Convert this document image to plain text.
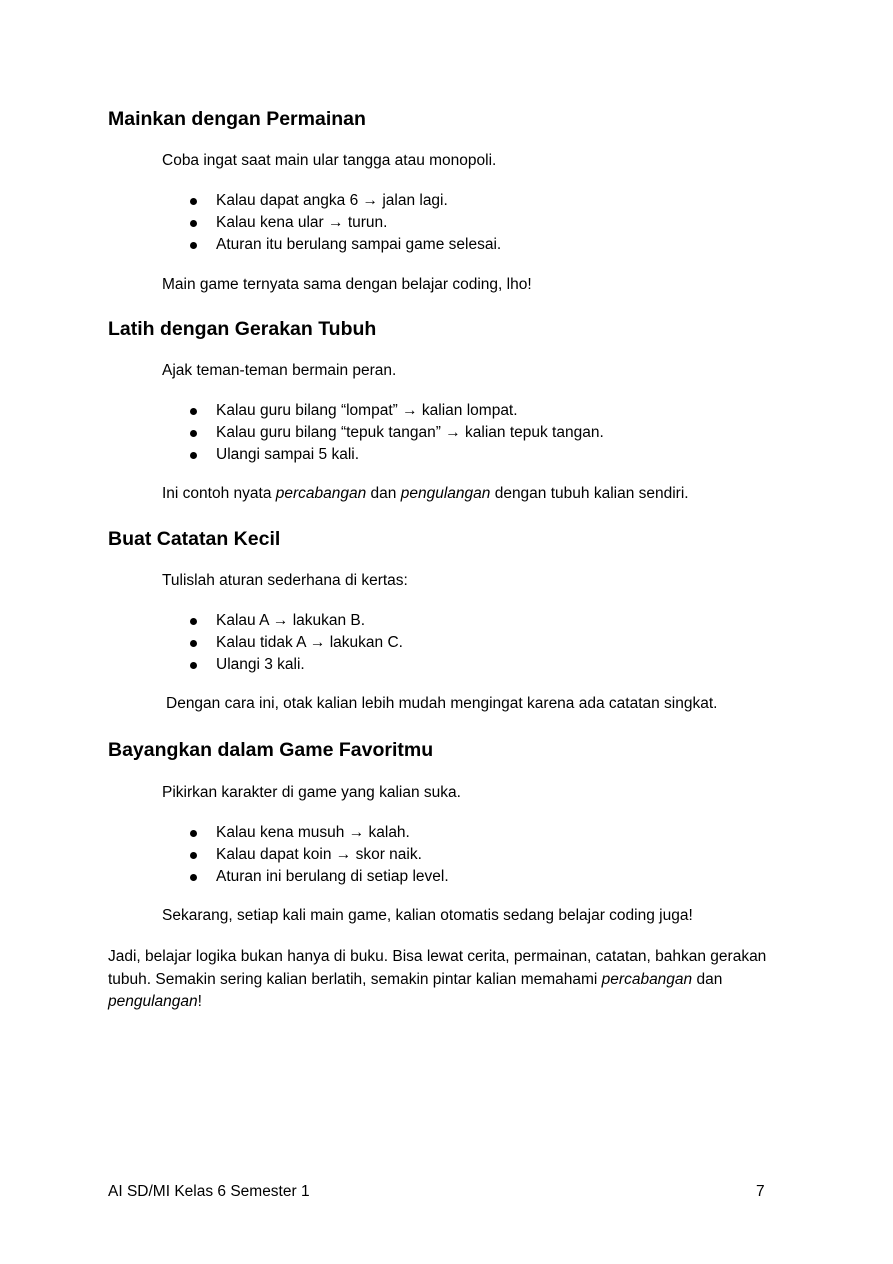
Mainkan dengan Permainan

Coba ingat saat main ular tangga atau monopoli.

Kalau dapat angka 6 → jalan lagi.
Kalau kena ular → turun.
Aturan itu berulang sampai game selesai.

Main game ternyata sama dengan belajar coding, lho!

Latih dengan Gerakan Tubuh

Ajak teman-teman bermain peran.

Kalau guru bilang “lompat” → kalian lompat.
Kalau guru bilang “tepuk tangan” → kalian tepuk tangan.
Ulangi sampai 5 kali.

Ini contoh nyata percabangan dan pengulangan dengan tubuh kalian sendiri.

Buat Catatan Kecil

Tulislah aturan sederhana di kertas:

Kalau A → lakukan B.
Kalau tidak A → lakukan C.
Ulangi 3 kali.

Dengan cara ini, otak kalian lebih mudah mengingat karena ada catatan singkat.

Bayangkan dalam Game Favoritmu

Pikirkan karakter di game yang kalian suka.

Kalau kena musuh → kalah.
Kalau dapat koin → skor naik.
Aturan ini berulang di setiap level.

Sekarang, setiap kali main game, kalian otomatis sedang belajar coding juga!

Jadi, belajar logika bukan hanya di buku. Bisa lewat cerita, permainan, catatan, bahkan gerakan tubuh. Semakin sering kalian berlatih, semakin pintar kalian memahami percabangan dan pengulangan!

AI SD/MI Kelas 6 Semester 1	7
